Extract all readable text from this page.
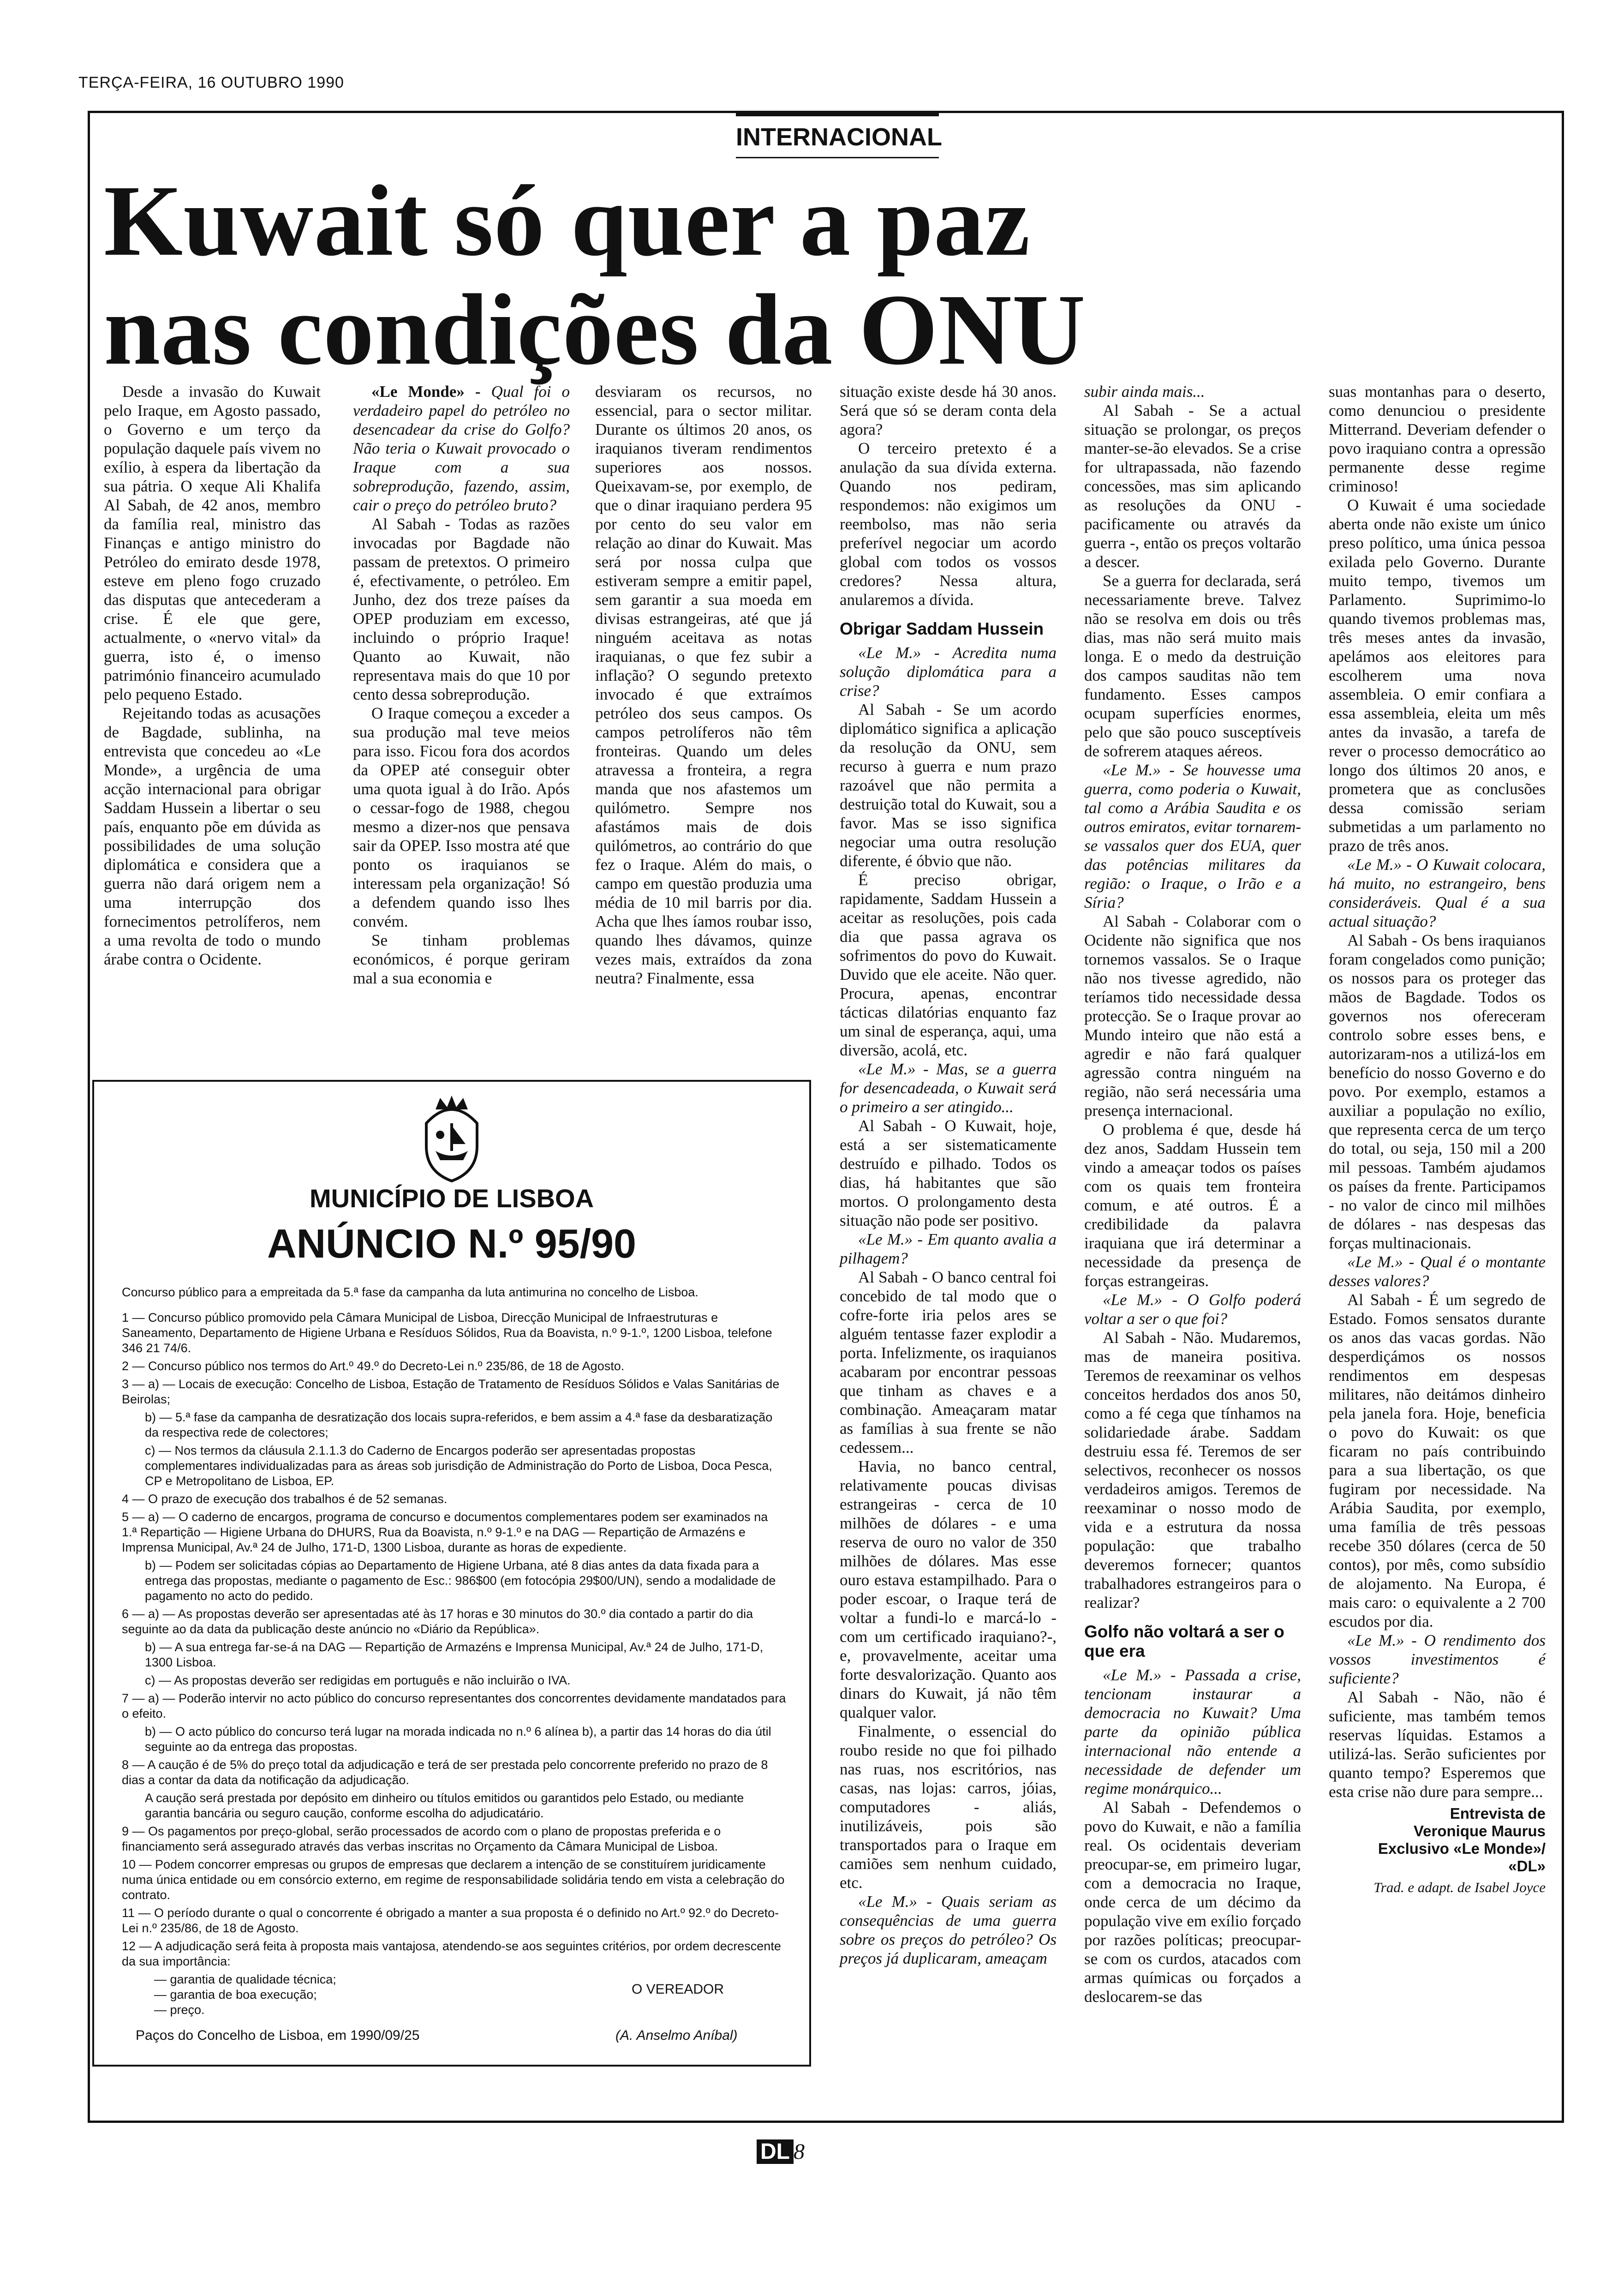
TERÇA-FEIRA, 16 OUTUBRO 1990
INTERNACIONAL
Kuwait só quer a paz
nas condições da ONU

Desde a invasão do Kuwait pelo Iraque, em Agosto passado, o Governo e um terço da população daquele país vivem no exílio, à espera da libertação da sua pátria. O xeque Ali Khalifa Al Sabah, de 42 anos, membro da família real, ministro das Finanças e antigo ministro do Petróleo do emirato desde 1978, esteve em pleno fogo cruzado das disputas que antecederam a crise. É ele que gere, actualmente, o «nervo vital» da guerra, isto é, o imenso património financeiro acumulado pelo pequeno Estado.

Rejeitando todas as acusações de Bagdade, sublinha, na entrevista que concedeu ao «Le Monde», a urgência de uma acção internacional para obrigar Saddam Hussein a libertar o seu país, enquanto põe em dúvida as possibilidades de uma solução diplomática e considera que a guerra não dará origem nem a uma interrupção dos fornecimentos petrolíferos, nem a uma revolta de todo o mundo árabe contra o Ocidente.

«Le Monde» - Qual foi o verdadeiro papel do petróleo no desencadear da crise do Golfo? Não teria o Kuwait provocado o Iraque com a sua sobreprodução, fazendo, assim, cair o preço do petróleo bruto?

Al Sabah - Todas as razões invocadas por Bagdade não passam de pretextos. O primeiro é, efectivamente, o petróleo. Em Junho, dez dos treze países da OPEP produziam em excesso, incluindo o próprio Iraque! Quanto ao Kuwait, não representava mais do que 10 por cento dessa sobreprodução.

O Iraque começou a exceder a sua produção mal teve meios para isso. Ficou fora dos acordos da OPEP até conseguir obter uma quota igual à do Irão. Após o cessar-fogo de 1988, chegou mesmo a dizer-nos que pensava sair da OPEP. Isso mostra até que ponto os iraquianos se interessam pela organização! Só a defendem quando isso lhes convém.

Se tinham problemas económicos, é porque geriram mal a sua economia e

desviaram os recursos, no essencial, para o sector militar. Durante os últimos 20 anos, os iraquianos tiveram rendimentos superiores aos nossos. Queixavam-se, por exemplo, de que o dinar iraquiano perdera 95 por cento do seu valor em relação ao dinar do Kuwait. Mas será por nossa culpa que estiveram sempre a emitir papel, sem garantir a sua moeda em divisas estrangeiras, até que já ninguém aceitava as notas iraquianas, o que fez subir a inflação? O segundo pretexto invocado é que extraímos petróleo dos seus campos. Os campos petrolíferos não têm fronteiras. Quando um deles atravessa a fronteira, a regra manda que nos afastemos um quilómetro. Sempre nos afastámos mais de dois quilómetros, ao contrário do que fez o Iraque. Além do mais, o campo em questão produzia uma média de 10 mil barris por dia. Acha que lhes íamos roubar isso, quando lhes dávamos, quinze vezes mais, extraídos da zona neutra? Finalmente, essa

situação existe desde há 30 anos. Será que só se deram conta dela agora?

O terceiro pretexto é a anulação da sua dívida externa. Quando nos pediram, respondemos: não exigimos um reembolso, mas não seria preferível negociar um acordo global com todos os vossos credores? Nessa altura, anularemos a dívida.

Obrigar Saddam Hussein

«Le M.» - Acredita numa solução diplomática para a crise?

Al Sabah - Se um acordo diplomático significa a aplicação da resolução da ONU, sem recurso à guerra e num prazo razoável que não permita a destruição total do Kuwait, sou a favor. Mas se isso significa negociar uma outra resolução diferente, é óbvio que não.

É preciso obrigar, rapidamente, Saddam Hussein a aceitar as resoluções, pois cada dia que passa agrava os sofrimentos do povo do Kuwait. Duvido que ele aceite. Não quer. Procura, apenas, encontrar tácticas dilatórias enquanto faz um sinal de esperança, aqui, uma diversão, acolá, etc.

«Le M.» - Mas, se a guerra for desencadeada, o Kuwait será o primeiro a ser atingido...

Al Sabah - O Kuwait, hoje, está a ser sistematicamente destruído e pilhado. Todos os dias, há habitantes que são mortos. O prolongamento desta situação não pode ser positivo.

«Le M.» - Em quanto avalia a pilhagem?

Al Sabah - O banco central foi concebido de tal modo que o cofre-forte iria pelos ares se alguém tentasse fazer explodir a porta. Infelizmente, os iraquianos acabaram por encontrar pessoas que tinham as chaves e a combinação. Ameaçaram matar as famílias à sua frente se não cedessem...

Havia, no banco central, relativamente poucas divisas estrangeiras - cerca de 10 milhões de dólares - e uma reserva de ouro no valor de 350 milhões de dólares. Mas esse ouro estava estampilhado. Para o poder escoar, o Iraque terá de voltar a fundi-lo e marcá-lo - com um certificado iraquiano?-, e, provavelmente, aceitar uma forte desvalorização. Quanto aos dinars do Kuwait, já não têm qualquer valor.

Finalmente, o essencial do roubo reside no que foi pilhado nas ruas, nos escritórios, nas casas, nas lojas: carros, jóias, computadores - aliás, inutilizáveis, pois são transportados para o Iraque em camiões sem nenhum cuidado, etc.

«Le M.» - Quais seriam as consequências de uma guerra sobre os preços do petróleo? Os preços já duplicaram, ameaçam

subir ainda mais...

Al Sabah - Se a actual situação se prolongar, os preços manter-se-ão elevados. Se a crise for ultrapassada, não fazendo concessões, mas sim aplicando as resoluções da ONU - pacificamente ou através da guerra -, então os preços voltarão a descer.

Se a guerra for declarada, será necessariamente breve. Talvez não se resolva em dois ou três dias, mas não será muito mais longa. E o medo da destruição dos campos sauditas não tem fundamento. Esses campos ocupam superfícies enormes, pelo que são pouco susceptíveis de sofrerem ataques aéreos.

«Le M.» - Se houvesse uma guerra, como poderia o Kuwait, tal como a Arábia Saudita e os outros emiratos, evitar tornarem-se vassalos quer dos EUA, quer das potências militares da região: o Iraque, o Irão e a Síria?

Al Sabah - Colaborar com o Ocidente não significa que nos tornemos vassalos. Se o Iraque não nos tivesse agredido, não teríamos tido necessidade dessa protecção. Se o Iraque provar ao Mundo inteiro que não está a agredir e não fará qualquer agressão contra ninguém na região, não será necessária uma presença internacional.

O problema é que, desde há dez anos, Saddam Hussein tem vindo a ameaçar todos os países com os quais tem fronteira comum, e até outros. É a credibilidade da palavra iraquiana que irá determinar a necessidade da presença de forças estrangeiras.

«Le M.» - O Golfo poderá voltar a ser o que foi?

Al Sabah - Não. Mudaremos, mas de maneira positiva. Teremos de reexaminar os velhos conceitos herdados dos anos 50, como a fé cega que tínhamos na solidariedade árabe. Saddam destruiu essa fé. Teremos de ser selectivos, reconhecer os nossos verdadeiros amigos. Teremos de reexaminar o nosso modo de vida e a estrutura da nossa população: que trabalho deveremos fornecer; quantos trabalhadores estrangeiros para o realizar?

Golfo não voltará a ser o que era

«Le M.» - Passada a crise, tencionam instaurar a democracia no Kuwait? Uma parte da opinião pública internacional não entende a necessidade de defender um regime monárquico...

Al Sabah - Defendemos o povo do Kuwait, e não a família real. Os ocidentais deveriam preocupar-se, em primeiro lugar, com a democracia no Iraque, onde cerca de um décimo da população vive em exílio forçado por razões políticas; preocupar-se com os curdos, atacados com armas químicas ou forçados a deslocarem-se das

suas montanhas para o deserto, como denunciou o presidente Mitterrand. Deveriam defender o povo iraquiano contra a opressão permanente desse regime criminoso!

O Kuwait é uma sociedade aberta onde não existe um único preso político, uma única pessoa exilada pelo Governo. Durante muito tempo, tivemos um Parlamento. Suprimimo-lo quando tivemos problemas mas, três meses antes da invasão, apelámos aos eleitores para escolherem uma nova assembleia. O emir confiara a essa assembleia, eleita um mês antes da invasão, a tarefa de rever o processo democrático ao longo dos últimos 20 anos, e prometera que as conclusões dessa comissão seriam submetidas a um parlamento no prazo de três anos.

«Le M.» - O Kuwait colocara, há muito, no estrangeiro, bens consideráveis. Qual é a sua actual situação?

Al Sabah - Os bens iraquianos foram congelados como punição; os nossos para os proteger das mãos de Bagdade. Todos os governos nos ofereceram controlo sobre esses bens, e autorizaram-nos a utilizá-los em benefício do nosso Governo e do povo. Por exemplo, estamos a auxiliar a população no exílio, que representa cerca de um terço do total, ou seja, 150 mil a 200 mil pessoas. Também ajudamos os países da frente. Participamos - no valor de cinco mil milhões de dólares - nas despesas das forças multinacionais.

«Le M.» - Qual é o montante desses valores?

Al Sabah - É um segredo de Estado. Fomos sensatos durante os anos das vacas gordas. Não desperdiçámos os nossos rendimentos em despesas militares, não deitámos dinheiro pela janela fora. Hoje, beneficia o povo do Kuwait: os que ficaram no país contribuindo para a sua libertação, os que fugiram por necessidade. Na Arábia Saudita, por exemplo, uma família de três pessoas recebe 350 dólares (cerca de 50 contos), por mês, como subsídio de alojamento. Na Europa, é mais caro: o equivalente a 2 700 escudos por dia.

«Le M.» - O rendimento dos vossos investimentos é suficiente?

Al Sabah - Não, não é suficiente, mas também temos reservas líquidas. Estamos a utilizá-las. Serão suficientes por quanto tempo? Esperemos que esta crise não dure para sempre...

Entrevista de
Veronique Maurus
Exclusivo «Le Monde»/
«DL»
Trad. e adapt. de Isabel Joyce
MUNICÍPIO DE LISBOA
ANÚNCIO N.º 95/90

Concurso público para a empreitada da 5.ª fase da campanha da luta antimurina no concelho de Lisboa.

1 — Concurso público promovido pela Câmara Municipal de Lisboa, Direcção Municipal de Infraestruturas e Saneamento, Departamento de Higiene Urbana e Resíduos Sólidos, Rua da Boavista, n.º 9-1.º, 1200 Lisboa, telefone 346 21 74/6.

2 — Concurso público nos termos do Art.º 49.º do Decreto-Lei n.º 235/86, de 18 de Agosto.

3 — a) — Locais de execução: Concelho de Lisboa, Estação de Tratamento de Resíduos Sólidos e Valas Sanitárias de Beirolas;

b) — 5.ª fase da campanha de desratização dos locais supra-referidos, e bem assim a 4.ª fase da desbaratização da respectiva rede de colectores;

c) — Nos termos da cláusula 2.1.1.3 do Caderno de Encargos poderão ser apresentadas propostas complementares individualizadas para as áreas sob jurisdição de Administração do Porto de Lisboa, Doca Pesca, CP e Metropolitano de Lisboa, EP.

4 — O prazo de execução dos trabalhos é de 52 semanas.

5 — a) — O caderno de encargos, programa de concurso e documentos complementares podem ser examinados na 1.ª Repartição — Higiene Urbana do DHURS, Rua da Boavista, n.º 9-1.º e na DAG — Repartição de Armazéns e Imprensa Municipal, Av.ª 24 de Julho, 171-D, 1300 Lisboa, durante as horas de expediente.

b) — Podem ser solicitadas cópias ao Departamento de Higiene Urbana, até 8 dias antes da data fixada para a entrega das propostas, mediante o pagamento de Esc.: 986$00 (em fotocópia 29$00/UN), sendo a modalidade de pagamento no acto do pedido.

6 — a) — As propostas deverão ser apresentadas até às 17 horas e 30 minutos do 30.º dia contado a partir do dia seguinte ao da data da publicação deste anúncio no «Diário da República».

b) — A sua entrega far-se-á na DAG — Repartição de Armazéns e Imprensa Municipal, Av.ª 24 de Julho, 171-D, 1300 Lisboa.

c) — As propostas deverão ser redigidas em português e não incluirão o IVA.

7 — a) — Poderão intervir no acto público do concurso representantes dos concorrentes devidamente mandatados para o efeito.

b) — O acto público do concurso terá lugar na morada indicada no n.º 6 alínea b), a partir das 14 horas do dia útil seguinte ao da entrega das propostas.

8 — A caução é de 5% do preço total da adjudicação e terá de ser prestada pelo concorrente preferido no prazo de 8 dias a contar da data da notificação da adjudicação.

A caução será prestada por depósito em dinheiro ou títulos emitidos ou garantidos pelo Estado, ou mediante garantia bancária ou seguro caução, conforme escolha do adjudicatário.

9 — Os pagamentos por preço-global, serão processados de acordo com o plano de propostas preferida e o financiamento será assegurado através das verbas inscritas no Orçamento da Câmara Municipal de Lisboa.

10 — Podem concorrer empresas ou grupos de empresas que declarem a intenção de se constituírem juridicamente numa única entidade ou em consórcio externo, em regime de responsabilidade solidária tendo em vista a celebração do contrato.

11 — O período durante o qual o concorrente é obrigado a manter a sua proposta é o definido no Art.º 92.º do Decreto-Lei n.º 235/86, de 18 de Agosto.

12 — A adjudicação será feita à proposta mais vantajosa, atendendo-se aos seguintes critérios, por ordem decrescente da sua importância:

— garantia de qualidade técnica;

— garantia de boa execução;

— preço.

O VEREADOR
Paços do Concelho de Lisboa, em 1990/09/25	(A. Anselmo Aníbal)
DL 8
